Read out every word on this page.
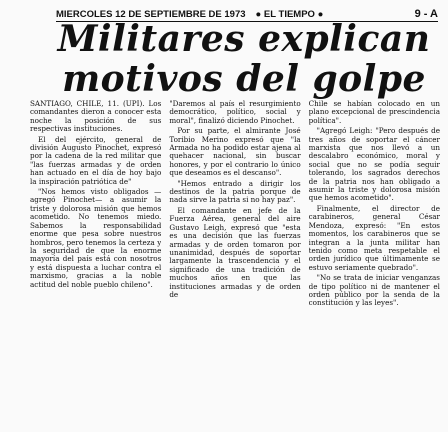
MIERCOLES 12 DE SEPTIEMBRE DE 1973 ● EL TIEMPO ●	9 - A
Militares explican
motivos del golpe

SANTIAGO, CHILE, 11. (UPI). Los comandantes dieron a conocer esta noche la posición de sus respectivas instituciones.

El del ejército, general de división Augusto Pinochet, expresó por la cadena de la red militar que "las fuerzas armadas y de orden han actuado en el día de hoy bajo la inspiración patriótica de"

"Nos hemos visto obligados —agregó Pinochet— a asumir la triste y dolorosa misión que hemos acometido. No tenemos miedo. Sabemos la responsabilidad enorme que pesa sobre nuestros hombros, pero tenemos la certeza y la seguridad de que la enorme mayoría del país está con nosotros y está dispuesta a luchar contra el marxismo, gracias a la noble actitud del noble pueblo chileno".

"Daremos al país el resurgimiento democrático, político, social y moral", finalizó diciendo Pinochet.

Por su parte, el almirante José Toribio Merino expresó que "la Armada no ha podido estar ajena al quehacer nacional, sin buscar honores, y por el contrario lo único que deseamos es el descanso".

"Hemos entrado a dirigir los destinos de la patria porque de nada sirve la patria si no hay paz".

El comandante en jefe de la Fuerza Aérea, general del aire Gustavo Leigh, expresó que "esta es una decisión que las fuerzas armadas y de orden tomaron por unanimidad, después de soportar largamente la trascendencia y el significado de una tradición de muchos años en que las instituciones armadas y de orden de

Chile se habían colocado en un plano excepcional de prescindencia política".

"Agregó Leigh: "Pero después de tres años de soportar el cáncer marxista que nos llevó a un descalabro económico, moral y social que no se podía seguir tolerando, los sagrados derechos de la patria nos han obligado a asumir la triste y dolorosa misión que hemos acometido".

Finalmente, el director de carabineros, general César Mendoza, expresó: "En estos momentos, los carabineros que se integran a la junta militar han tenido como meta respetable el orden jurídico que últimamente se estuvo seriamente quebrado".

"No se trata de iniciar venganzas de tipo político ni de mantener el orden público por la senda de la constitución y las leyes".
